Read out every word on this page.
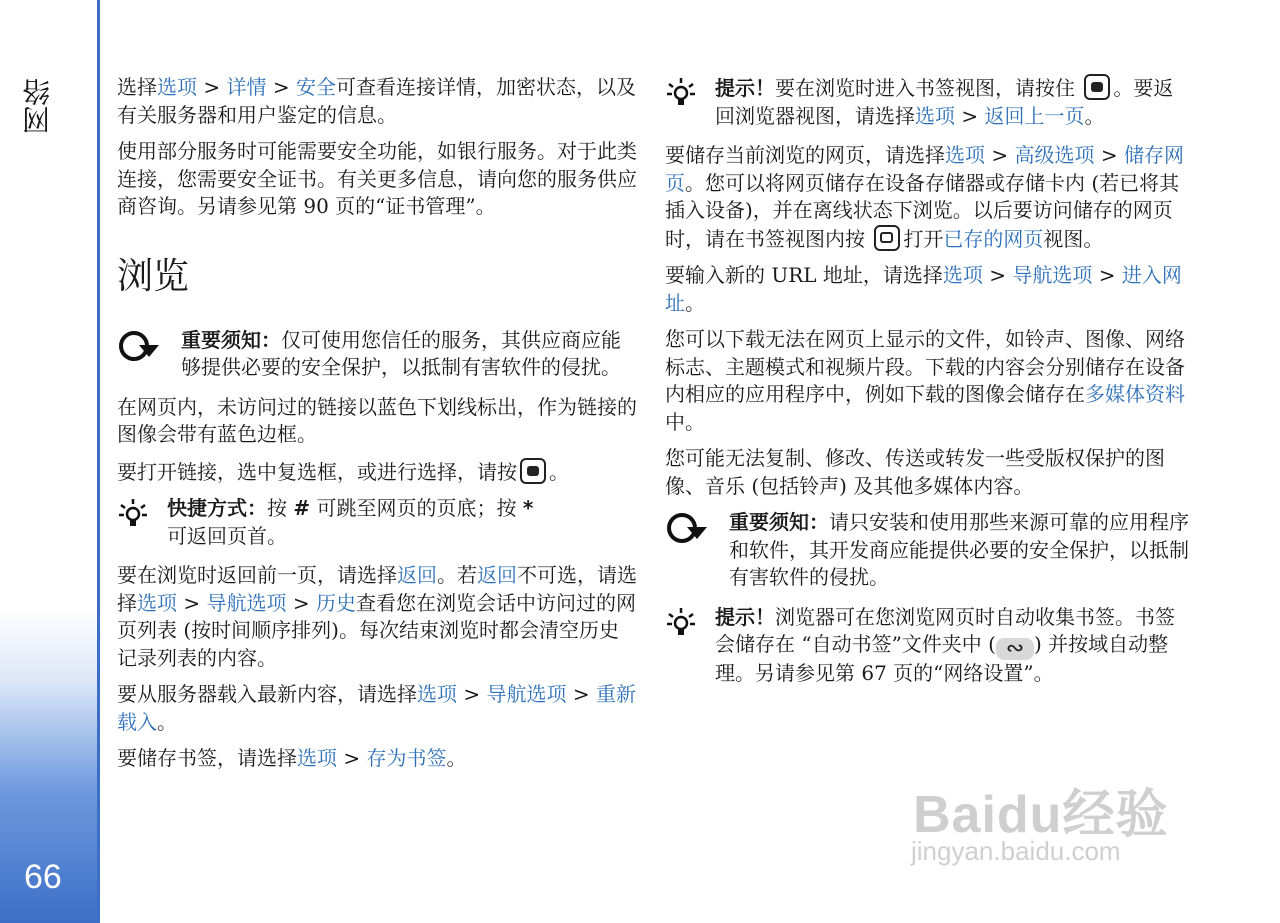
网络
66

选择选项 > 详情 > 安全可查看连接详情，加密状态，以及有关服务器和用户鉴定的信息。

使用部分服务时可能需要安全功能，如银行服务。对于此类连接，您需要安全证书。有关更多信息，请向您的服务供应商咨询。另请参见第 90 页的“证书管理”。

浏览
重要须知：仅可使用您信任的服务，其供应商应能够提供必要的安全保护，以抵制有害软件的侵扰。

在网页内，未访问过的链接以蓝色下划线标出，作为链接的图像会带有蓝色边框。

要打开链接，选中复选框，或进行选择，请按 。

快捷方式：按 # 可跳至网页的页底；按 *
可返回页首。

要在浏览时返回前一页，请选择返回。若返回不可选，请选择选项 > 导航选项 > 历史查看您在浏览会话中访问过的网页列表 (按时间顺序排列)。每次结束浏览时都会清空历史记录列表的内容。

要从服务器载入最新内容，请选择选项 > 导航选项 > 重新载入。

要储存书签，请选择选项 > 存为书签。

提示！要在浏览时进入书签视图，请按住 。要返回浏览器视图，请选择选项 > 返回上一页。

要储存当前浏览的网页，请选择选项 > 高级选项 > 储存网页。您可以将网页储存在设备存储器或存储卡内 (若已将其插入设备)，并在离线状态下浏览。以后要访问储存的网页时，请在书签视图内按 打开已存的网页视图。

要输入新的 URL 地址，请选择选项 > 导航选项 > 进入网址。

您可以下载无法在网页上显示的文件，如铃声、图像、网络标志、主题模式和视频片段。下载的内容会分别储存在设备内相应的应用程序中，例如下载的图像会储存在多媒体资料中。

您可能无法复制、修改、传送或转发一些受版权保护的图像、音乐 (包括铃声) 及其他多媒体内容。

重要须知：请只安装和使用那些来源可靠的应用程序和软件，其开发商应能提供必要的安全保护，以抵制有害软件的侵扰。
提示！浏览器可在您浏览网页时自动收集书签。书签会储存在 “自动书签”文件夹中 ( ∾ ) 并按域自动整理。另请参见第 67 页的“网络设置”。
Baidu经验
jingyan.baidu.com
